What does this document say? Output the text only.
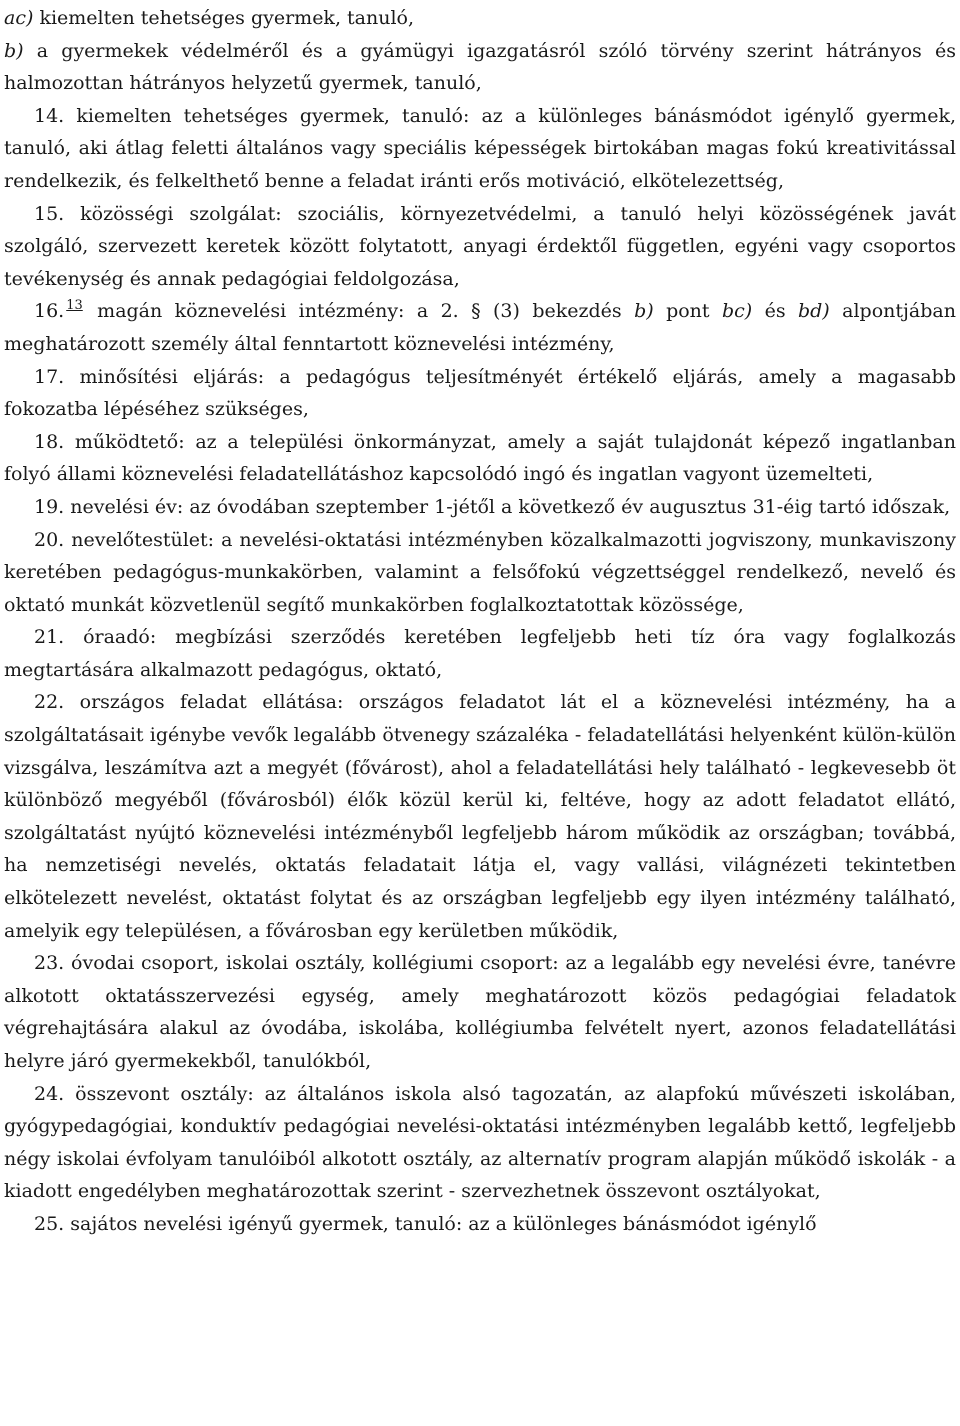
ac) kiemelten tehetséges gyermek, tanuló,

b) a gyermekek védelméről és a gyámügyi igazgatásról szóló törvény szerint hátrányos és halmozottan hátrányos helyzetű gyermek, tanuló,

14. kiemelten tehetséges gyermek, tanuló: az a különleges bánásmódot igénylő gyermek, tanuló, aki átlag feletti általános vagy speciális képességek birtokában magas fokú kreativitással rendelkezik, és felkelthető benne a feladat iránti erős motiváció, elkötelezettség,

15. közösségi szolgálat: szociális, környezetvédelmi, a tanuló helyi közösségének javát szolgáló, szervezett keretek között folytatott, anyagi érdektől független, egyéni vagy csoportos tevékenység és annak pedagógiai feldolgozása,

16. $^{13}$ magán köznevelési intézmény: a 2. § (3) bekezdés b) pont bc) és bd) alpontjában meghatározott személy által fenntartott köznevelési intézmény,

17. minősítési eljárás: a pedagógus teljesítményét értékelő eljárás, amely a magasabb fokozatba lépéséhez szükséges,

18. működtető: az a települési önkormányzat, amely a saját tulajdonát képező ingatlanban folyó állami köznevelési feladatellátáshoz kapcsolódó ingó és ingatlan vagyont üzemelteti,

19. nevelési év: az óvodában szeptember 1-jétől a következő év augusztus 31-éig tartó időszak,

20. nevelőtestület: a nevelési-oktatási intézményben közalkalmazotti jogviszony, munkaviszony keretében pedagógus-munkakörben, valamint a felsőfokú végzettséggel rendelkező, nevelő és oktató munkát közvetlenül segítő munkakörben foglalkoztatottak közössége,

21. óraadó: megbízási szerződés keretében legfeljebb heti tíz óra vagy foglalkozás megtartására alkalmazott pedagógus, oktató,

22. országos feladat ellátása: országos feladatot lát el a köznevelési intézmény, ha a szolgáltatásait igénybe vevők legalább ötvenegy százaléka - feladatellátási helyenként külön-külön vizsgálva, leszámítva azt a megyét (fővárost), ahol a feladatellátási hely található - legkevesebb öt különböző megyéből (fővárosból) élők közül kerül ki, feltéve, hogy az adott feladatot ellátó, szolgáltatást nyújtó köznevelési intézményből legfeljebb három működik az országban; továbbá, ha nemzetiségi nevelés, oktatás feladatait látja el, vagy vallási, világnézeti tekintetben elkötelezett nevelést, oktatást folytat és az országban legfeljebb egy ilyen intézmény található, amelyik egy településen, a fővárosban egy kerületben működik,

23. óvodai csoport, iskolai osztály, kollégiumi csoport: az a legalább egy nevelési évre, tanévre alkotott oktatásszervezési egység, amely meghatározott közös pedagógiai feladatok végrehajtására alakul az óvodába, iskolába, kollégiumba felvételt nyert, azonos feladatellátási helyre járó gyermekekből, tanulókból,

24. összevont osztály: az általános iskola alsó tagozatán, az alapfokú művészeti iskolában, gyógypedagógiai, konduktív pedagógiai nevelési-oktatási intézményben legalább kettő, legfeljebb négy iskolai évfolyam tanulóiból alkotott osztály, az alternatív program alapján működő iskolák - a kiadott engedélyben meghatározottak szerint - szervezhetnek összevont osztályokat,

25. sajátos nevelési igényű gyermek, tanuló: az a különleges bánásmódot igénylő
